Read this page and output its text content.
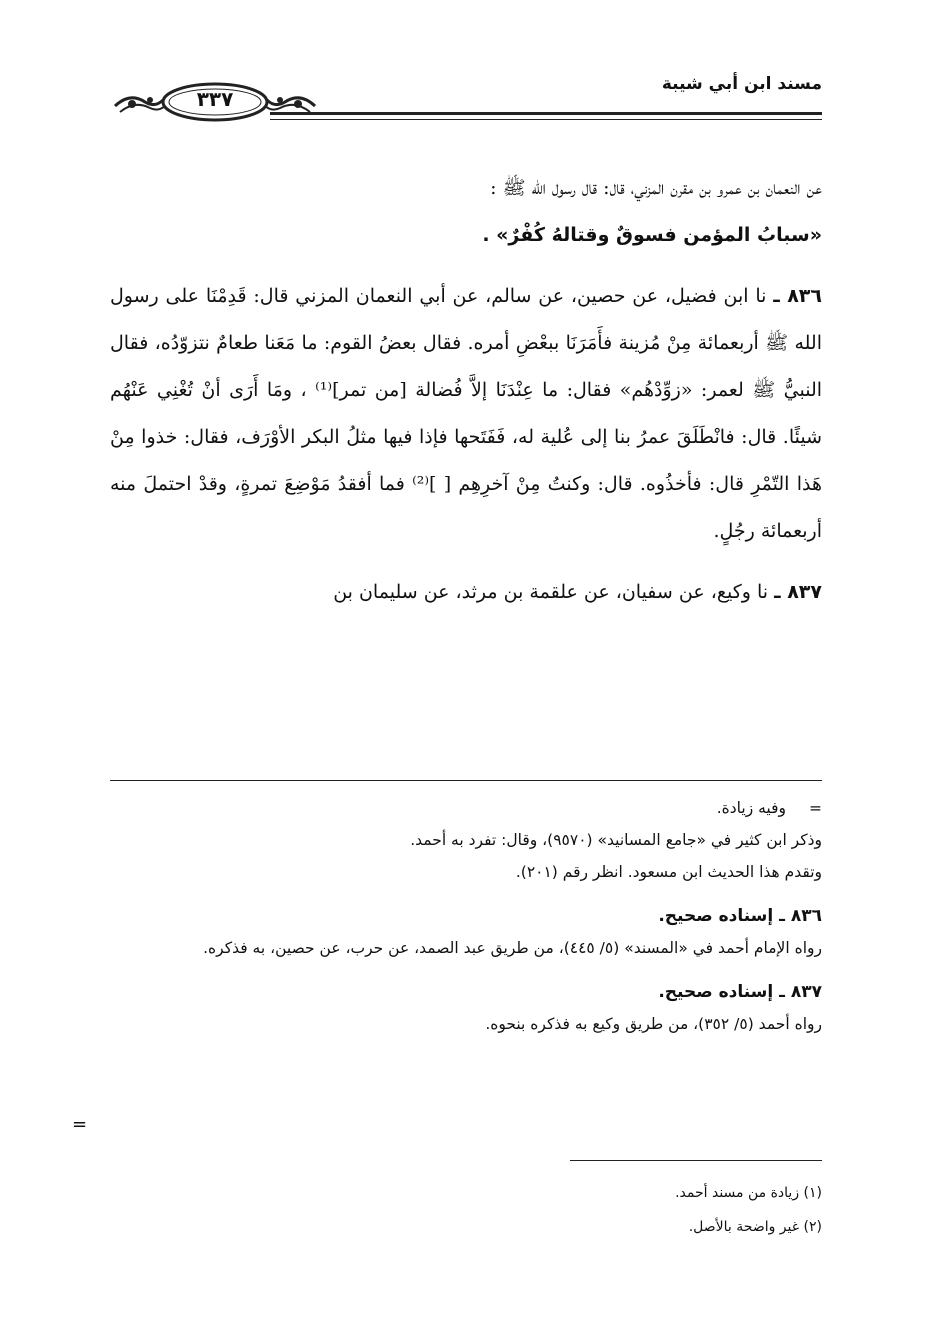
مسند ابن أبي شيبة
٣٣٧

عن النعمان بن عمرو بن مقرن المزني، قال: قال رسول الله ﷺ :

«سبابُ المؤمن فسوقٌ وقتالهُ كُفْرٌ» .

٨٣٦ ـ نا ابن فضيل، عن حصين، عن سالم، عن أبي النعمان المزني قال: قَدِمْنَا على رسول الله ﷺ أربعمائة مِنْ مُزينة فأَمَرَنَا ببعْضِ أمره. فقال بعضُ القوم: ما مَعَنا طعامٌ نتزوّدُه، فقال النبيُّ ﷺ لعمر: «زوِّدْهُم» فقال: ما عِنْدَنَا إلاَّ فُضالة [من تمر]⁽¹⁾ ، ومَا أَرَى أنْ تُغْنِي عَنْهُم شيئًا. قال: فانْطَلَقَ عمرُ بنا إلى عُلية له، فَفَتَحها فإذا فيها مثلُ البكر الأوْرَف، فقال: خذوا مِنْ هَذا التّمْرِ قال: فأخذُوه. قال: وكنتُ مِنْ آخرِهِم [ ]⁽²⁾ فما أفقدُ مَوْضِعَ تمرةٍ، وقدْ احتملَ منه أربعمائة رجُلٍ.

٨٣٧ ـ نا وكيع، عن سفيان، عن علقمة بن مرثد، عن سليمان بن

=
وفيه زيادة.

وذكر ابن كثير في «جامع المسانيد» (٩٥٧٠)، وقال: تفرد به أحمد.

وتقدم هذا الحديث ابن مسعود. انظر رقم (٢٠١).

٨٣٦ ـ إسناده صحيح.

رواه الإمام أحمد في «المسند» (٥/ ٤٤٥)، من طريق عبد الصمد، عن حرب، عن حصين، به فذكره.

٨٣٧ ـ إسناده صحيح.

رواه أحمد (٥/ ٣٥٢)، من طريق وكيع به فذكره بنحوه.

=

(١) زيادة من مسند أحمد.

(٢) غير واضحة بالأصل.
